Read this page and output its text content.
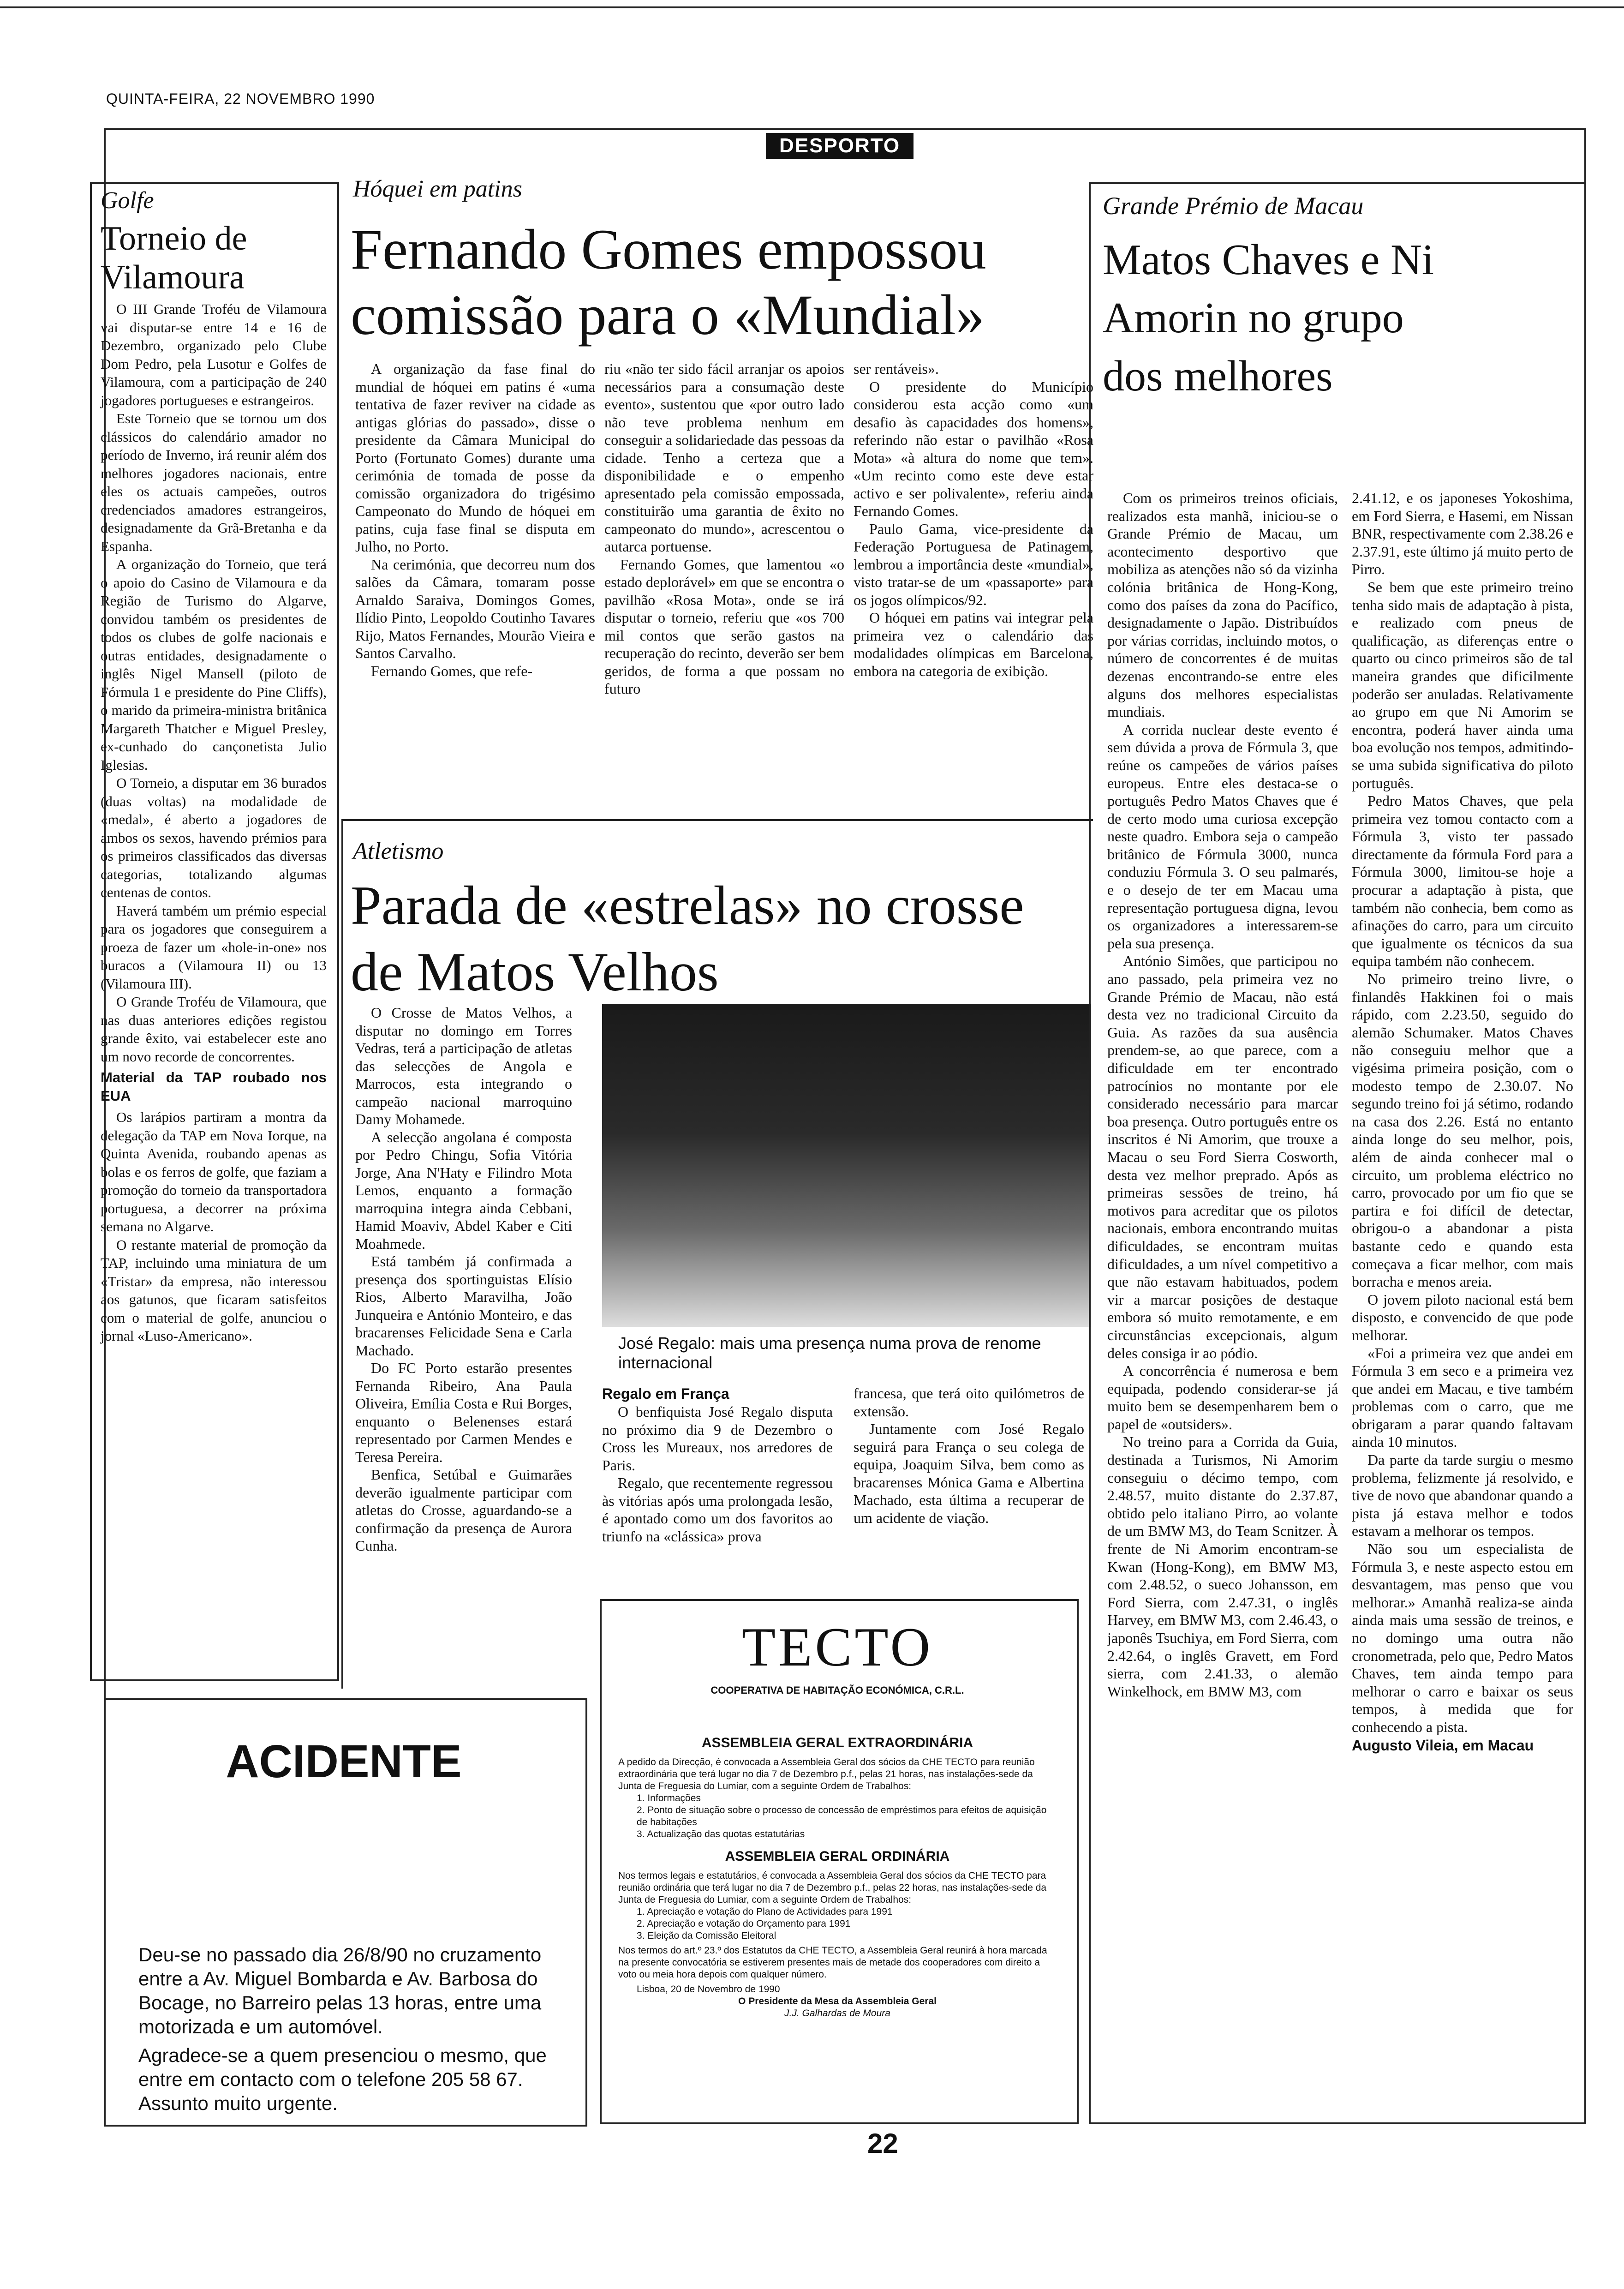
QUINTA-FEIRA, 22 NOVEMBRO 1990
DESPORTO
Golfe
Torneio de Vilamoura

O III Grande Troféu de Vilamoura vai disputar-se entre 14 e 16 de Dezembro, organizado pelo Clube Dom Pedro, pela Lusotur e Golfes de Vilamoura, com a participação de 240 jogadores portugueses e estrangeiros.

Este Torneio que se tornou um dos clássicos do calendário amador no período de Inverno, irá reunir além dos melhores jogadores nacionais, entre eles os actuais campeões, outros credenciados amadores estrangeiros, designadamente da Grã-Bretanha e da Espanha.

A organização do Torneio, que terá o apoio do Casino de Vilamoura e da Região de Turismo do Algarve, convidou também os presidentes de todos os clubes de golfe nacionais e outras entidades, designadamente o inglês Nigel Mansell (piloto de Fórmula 1 e presidente do Pine Cliffs), o marido da primeira-ministra britânica Margareth Thatcher e Miguel Presley, ex-cunhado do cançonetista Julio Iglesias.

O Torneio, a disputar em 36 burados (duas voltas) na modalidade de «medal», é aberto a jogadores de ambos os sexos, havendo prémios para os primeiros classificados das diversas categorias, totalizando algumas centenas de contos.

Haverá também um prémio especial para os jogadores que conseguirem a proeza de fazer um «hole-in-one» nos buracos a (Vilamoura II) ou 13 (Vilamoura III).

O Grande Troféu de Vilamoura, que nas duas anteriores edições registou grande êxito, vai estabelecer este ano um novo recorde de concorrentes.

Material da TAP roubado nos EUA

Os larápios partiram a montra da delegação da TAP em Nova Iorque, na Quinta Avenida, roubando apenas as bolas e os ferros de golfe, que faziam a promoção do torneio da transportadora portuguesa, a decorrer na próxima semana no Algarve.

O restante material de promoção da TAP, incluindo uma miniatura de um «Tristar» da empresa, não interessou aos gatunos, que ficaram satisfeitos com o material de golfe, anunciou o jornal «Luso-Americano».

Hóquei em patins
Fernando Gomes empossou comissão para o «Mundial»

A organização da fase final do mundial de hóquei em patins é «uma tentativa de fazer reviver na cidade as antigas glórias do passado», disse o presidente da Câmara Municipal do Porto (Fortunato Gomes) durante uma cerimónia de tomada de posse da comissão organizadora do trigésimo Campeonato do Mundo de hóquei em patins, cuja fase final se disputa em Julho, no Porto.

Na cerimónia, que decorreu num dos salões da Câmara, tomaram posse Arnaldo Saraiva, Domingos Gomes, Ilídio Pinto, Leopoldo Coutinho Tavares Rijo, Matos Fernandes, Mourão Vieira e Santos Carvalho.

Fernando Gomes, que refe-

riu «não ter sido fácil arranjar os apoios necessários para a consumação deste evento», sustentou que «por outro lado não teve problema nenhum em conseguir a solidariedade das pessoas da cidade. Tenho a certeza que a disponibilidade e o empenho apresentado pela comissão empossada, constituirão uma garantia de êxito no campeonato do mundo», acrescentou o autarca portuense.

Fernando Gomes, que lamentou «o estado deplorável» em que se encontra o pavilhão «Rosa Mota», onde se irá disputar o torneio, referiu que «os 700 mil contos que serão gastos na recuperação do recinto, deverão ser bem geridos, de forma a que possam no futuro

ser rentáveis».

O presidente do Município considerou esta acção como «um desafio às capacidades dos homens», referindo não estar o pavilhão «Rosa Mota» «à altura do nome que tem». «Um recinto como este deve estar activo e ser polivalente», referiu ainda Fernando Gomes.

Paulo Gama, vice-presidente da Federação Portuguesa de Patinagem, lembrou a importância deste «mundial», visto tratar-se de um «passaporte» para os jogos olímpicos/92.

O hóquei em patins vai integrar pela primeira vez o calendário das modalidades olímpicas em Barcelona, embora na categoria de exibição.

Atletismo
Parada de «estrelas» no crosse de Matos Velhos

O Crosse de Matos Velhos, a disputar no domingo em Torres Vedras, terá a participação de atletas das selecções de Angola e Marrocos, esta integrando o campeão nacional marroquino Damy Mohamede.

A selecção angolana é composta por Pedro Chingu, Sofia Vitória Jorge, Ana N'Haty e Filindro Mota Lemos, enquanto a formação marroquina integra ainda Cebbani, Hamid Moaviv, Abdel Kaber e Citi Moahmede.

Está também já confirmada a presença dos sportinguistas Elísio Rios, Alberto Maravilha, João Junqueira e António Monteiro, e das bracarenses Felicidade Sena e Carla Machado.

Do FC Porto estarão presentes Fernanda Ribeiro, Ana Paula Oliveira, Emília Costa e Rui Borges, enquanto o Belenenses estará representado por Carmen Mendes e Teresa Pereira.

Benfica, Setúbal e Guimarães deverão igualmente participar com atletas do Crosse, aguardando-se a confirmação da presença de Aurora Cunha.

José Regalo: mais uma presença numa prova de renome internacional
Regalo em França

O benfiquista José Regalo disputa no próximo dia 9 de Dezembro o Cross les Mureaux, nos arredores de Paris.

Regalo, que recentemente regressou às vitórias após uma prolongada lesão, é apontado como um dos favoritos ao triunfo na «clássica» prova

francesa, que terá oito quilómetros de extensão.

Juntamente com José Regalo seguirá para França o seu colega de equipa, Joaquim Silva, bem como as bracarenses Mónica Gama e Albertina Machado, esta última a recuperar de um acidente de viação.

Grande Prémio de Macau
Matos Chaves e Ni Amorin no grupo dos melhores

Com os primeiros treinos oficiais, realizados esta manhã, iniciou-se o Grande Prémio de Macau, um acontecimento desportivo que mobiliza as atenções não só da vizinha colónia britânica de Hong-Kong, como dos países da zona do Pacífico, designadamente o Japão. Distribuídos por várias corridas, incluindo motos, o número de concorrentes é de muitas dezenas encontrando-se entre eles alguns dos melhores especialistas mundiais.

A corrida nuclear deste evento é sem dúvida a prova de Fórmula 3, que reúne os campeões de vários países europeus. Entre eles destaca-se o português Pedro Matos Chaves que é de certo modo uma curiosa excepção neste quadro. Embora seja o campeão britânico de Fórmula 3000, nunca conduziu Fórmula 3. O seu palmarés, e o desejo de ter em Macau uma representação portuguesa digna, levou os organizadores a interessarem-se pela sua presença.

António Simões, que participou no ano passado, pela primeira vez no Grande Prémio de Macau, não está desta vez no tradicional Circuito da Guia. As razões da sua ausência prendem-se, ao que parece, com a dificuldade em ter encontrado patrocínios no montante por ele considerado necessário para marcar boa presença. Outro português entre os inscritos é Ni Amorim, que trouxe a Macau o seu Ford Sierra Cosworth, desta vez melhor preprado. Após as primeiras sessões de treino, há motivos para acreditar que os pilotos nacionais, embora encontrando muitas dificuldades, se encontram muitas dificuldades, a um nível competitivo a que não estavam habituados, podem vir a marcar posições de destaque embora só muito remotamente, e em circunstâncias excepcionais, algum deles consiga ir ao pódio.

A concorrência é numerosa e bem equipada, podendo considerar-se já muito bem se desempenharem bem o papel de «outsiders».

No treino para a Corrida da Guia, destinada a Turismos, Ni Amorim conseguiu o décimo tempo, com 2.48.57, muito distante do 2.37.87, obtido pelo italiano Pirro, ao volante de um BMW M3, do Team Scnitzer. À frente de Ni Amorim encontram-se Kwan (Hong-Kong), em BMW M3, com 2.48.52, o sueco Johansson, em Ford Sierra, com 2.47.31, o inglês Harvey, em BMW M3, com 2.46.43, o japonês Tsuchiya, em Ford Sierra, com 2.42.64, o inglês Gravett, em Ford sierra, com 2.41.33, o alemão Winkelhock, em BMW M3, com

2.41.12, e os japoneses Yokoshima, em Ford Sierra, e Hasemi, em Nissan BNR, respectivamente com 2.38.26 e 2.37.91, este último já muito perto de Pirro.

Se bem que este primeiro treino tenha sido mais de adaptação à pista, e realizado com pneus de qualificação, as diferenças entre o quarto ou cinco primeiros são de tal maneira grandes que dificilmente poderão ser anuladas. Relativamente ao grupo em que Ni Amorim se encontra, poderá haver ainda uma boa evolução nos tempos, admitindo-se uma subida significativa do piloto português.

Pedro Matos Chaves, que pela primeira vez tomou contacto com a Fórmula 3, visto ter passado directamente da fórmula Ford para a Fórmula 3000, limitou-se hoje a procurar a adaptação à pista, que também não conhecia, bem como as afinações do carro, para um circuito que igualmente os técnicos da sua equipa também não conhecem.

No primeiro treino livre, o finlandês Hakkinen foi o mais rápido, com 2.23.50, seguido do alemão Schumaker. Matos Chaves não conseguiu melhor que a vigésima primeira posição, com o modesto tempo de 2.30.07. No segundo treino foi já sétimo, rodando na casa dos 2.26. Está no entanto ainda longe do seu melhor, pois, além de ainda conhecer mal o circuito, um problema eléctrico no carro, provocado por um fio que se partira e foi difícil de detectar, obrigou-o a abandonar a pista bastante cedo e quando esta começava a ficar melhor, com mais borracha e menos areia.

O jovem piloto nacional está bem disposto, e convencido de que pode melhorar.

«Foi a primeira vez que andei em Fórmula 3 em seco e a primeira vez que andei em Macau, e tive também problemas com o carro, que me obrigaram a parar quando faltavam ainda 10 minutos.

Da parte da tarde surgiu o mesmo problema, felizmente já resolvido, e tive de novo que abandonar quando a pista já estava melhor e todos estavam a melhorar os tempos.

Não sou um especialista de Fórmula 3, e neste aspecto estou em desvantagem, mas penso que vou melhorar.» Amanhã realiza-se ainda ainda mais uma sessão de treinos, e no domingo uma outra não cronometrada, pelo que, Pedro Matos Chaves, tem ainda tempo para melhorar o carro e baixar os seus tempos, à medida que for conhecendo a pista.

Augusto Vileia, em Macau
ACIDENTE
Deu-se no passado dia 26/8/90 no cruzamento entre a Av. Miguel Bombarda e Av. Barbosa do Bocage, no Barreiro pelas 13 horas, entre uma motorizada e um automóvel.
Agradece-se a quem presenciou o mesmo, que entre em contacto com o telefone 205 58 67.
Assunto muito urgente.
TECTO
COOPERATIVA DE HABITAÇÃO ECONÓMICA, C.R.L.
ASSEMBLEIA GERAL EXTRAORDINÁRIA
A pedido da Direcção, é convocada a Assembleia Geral dos sócios da CHE TECTO para reunião extraordinária que terá lugar no dia 7 de Dezembro p.f., pelas 21 horas, nas instalações-sede da Junta de Freguesia do Lumiar, com a seguinte Ordem de Trabalhos:
1. Informações
2. Ponto de situação sobre o processo de concessão de empréstimos para efeitos de aquisição de habitações
3. Actualização das quotas estatutárias
ASSEMBLEIA GERAL ORDINÁRIA
Nos termos legais e estatutários, é convocada a Assembleia Geral dos sócios da CHE TECTO para reunião ordinária que terá lugar no dia 7 de Dezembro p.f., pelas 22 horas, nas instalações-sede da Junta de Freguesia do Lumiar, com a seguinte Ordem de Trabalhos:
1. Apreciação e votação do Plano de Actividades para 1991
2. Apreciação e votação do Orçamento para 1991
3. Eleição da Comissão Eleitoral
Nos termos do art.º 23.º dos Estatutos da CHE TECTO, a Assembleia Geral reunirá à hora marcada na presente convocatória se estiverem presentes mais de metade dos cooperadores com direito a voto ou meia hora depois com qualquer número.
Lisboa, 20 de Novembro de 1990
O Presidente da Mesa da Assembleia Geral
J.J. Galhardas de Moura
22
